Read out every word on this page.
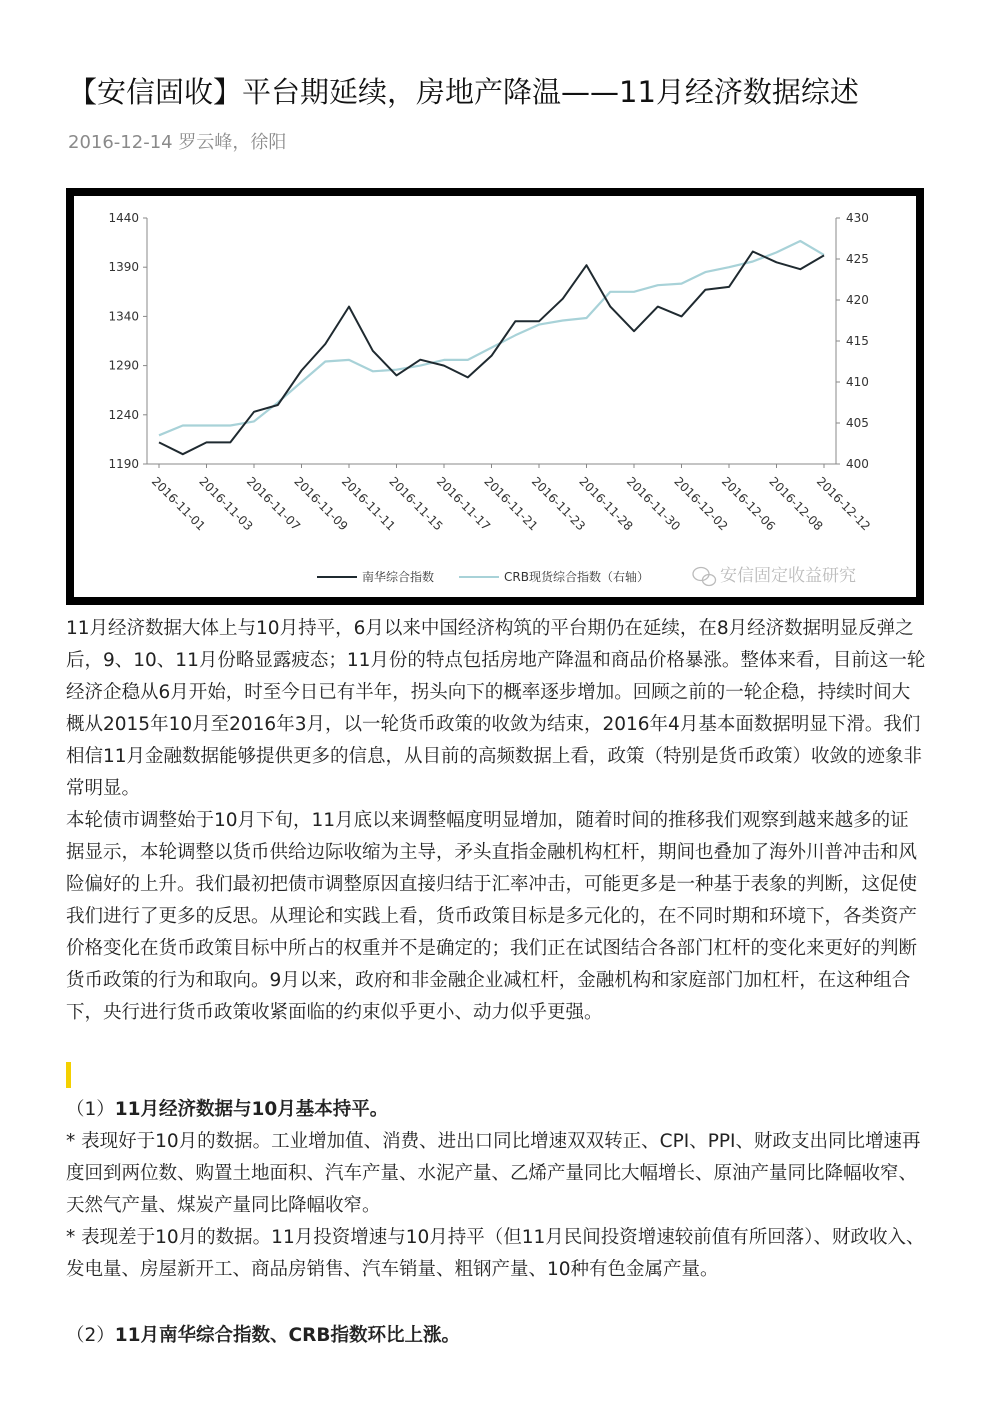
【安信固收】平台期延续，房地产降温——11月经济数据综述
2016-12-14 罗云峰，徐阳
1190
1240
1290
1340
1390
1440
400
405
410
415
420
425
430
2016-11-01
2016-11-03
2016-11-07
2016-11-09
2016-11-11
2016-11-15
2016-11-17
2016-11-21
2016-11-23
2016-11-28
2016-11-30
2016-12-02
2016-12-06
2016-12-08
2016-12-12
南华综合指数	CRB现货综合指数（右轴）	安信固定收益研究

11月经济数据大体上与10月持平，6月以来中国经济构筑的平台期仍在延续，在8月经济数据明显反弹之后，9、10、11月份略显露疲态；11月份的特点包括房地产降温和商品价格暴涨。整体来看，目前这一轮经济企稳从6月开始，时至今日已有半年，拐头向下的概率逐步增加。回顾之前的一轮企稳，持续时间大概从2015年10月至2016年3月，以一轮货币政策的收敛为结束，2016年4月基本面数据明显下滑。我们相信11月金融数据能够提供更多的信息，从目前的高频数据上看，政策（特别是货币政策）收敛的迹象非常明显。

本轮债市调整始于10月下旬，11月底以来调整幅度明显增加，随着时间的推移我们观察到越来越多的证据显示，本轮调整以货币供给边际收缩为主导，矛头直指金融机构杠杆，期间也叠加了海外川普冲击和风险偏好的上升。我们最初把债市调整原因直接归结于汇率冲击，可能更多是一种基于表象的判断，这促使我们进行了更多的反思。从理论和实践上看，货币政策目标是多元化的，在不同时期和环境下，各类资产价格变化在货币政策目标中所占的权重并不是确定的；我们正在试图结合各部门杠杆的变化来更好的判断货币政策的行为和取向。9月以来，政府和非金融企业减杠杆，金融机构和家庭部门加杠杆，在这种组合下，央行进行货币政策收紧面临的约束似乎更小、动力似乎更强。

（1）11月经济数据与10月基本持平。

* 表现好于10月的数据。工业增加值、消费、进出口同比增速双双转正、CPI、PPI、财政支出同比增速再度回到两位数、购置土地面积、汽车产量、水泥产量、乙烯产量同比大幅增长、原油产量同比降幅收窄、天然气产量、煤炭产量同比降幅收窄。

* 表现差于10月的数据。11月投资增速与10月持平（但11月民间投资增速较前值有所回落）、财政收入、发电量、房屋新开工、商品房销售、汽车销量、粗钢产量、10种有色金属产量。

（2）11月南华综合指数、CRB指数环比上涨。
